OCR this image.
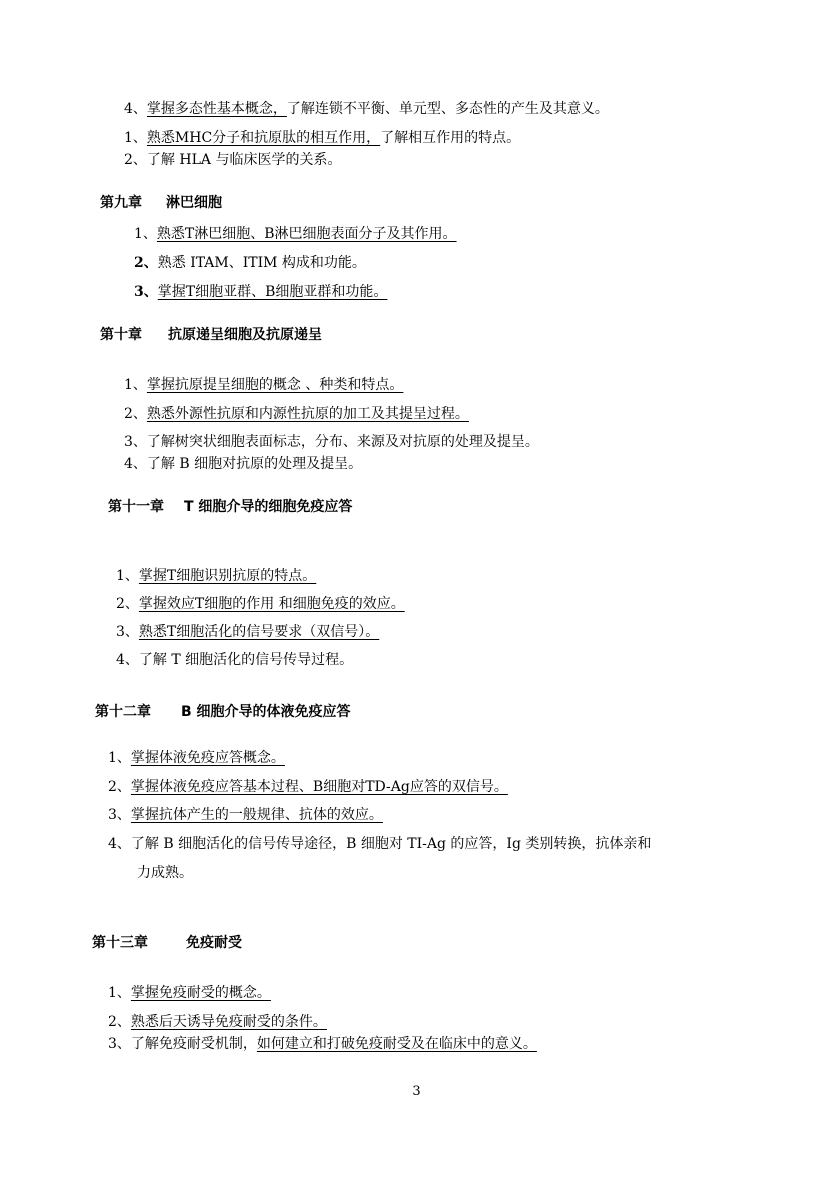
4、掌握多态性基本概念，了解连锁不平衡、单元型、多态性的产生及其意义。
1、熟悉MHC分子和抗原肽的相互作用，了解相互作用的特点。
2、了解 HLA 与临床医学的关系。
第九章 淋巴细胞
1、熟悉T淋巴细胞、B淋巴细胞表面分子及其作用。
2、熟悉 ITAM、ITIM 构成和功能。
3、掌握T细胞亚群、B细胞亚群和功能。
第十章 抗原递呈细胞及抗原递呈
1、掌握抗原提呈细胞的概念 、种类和特点。
2、熟悉外源性抗原和内源性抗原的加工及其提呈过程。
3、了解树突状细胞表面标志，分布、来源及对抗原的处理及提呈。
4、了解 B 细胞对抗原的处理及提呈。
第十一章 T 细胞介导的细胞免疫应答
1、掌握T细胞识别抗原的特点。
2、掌握效应T细胞的作用 和细胞免疫的效应。
3、熟悉T细胞活化的信号要求（双信号）。
4、了解 T 细胞活化的信号传导过程。
第十二章 B 细胞介导的体液免疫应答
1、掌握体液免疫应答概念。
2、掌握体液免疫应答基本过程、B细胞对TD-Ag应答的双信号。
3、掌握抗体产生的一般规律、抗体的效应。
4、了解 B 细胞活化的信号传导途径，B 细胞对 TI-Ag 的应答，Ig 类别转换，抗体亲和
力成熟。
第十三章	免疫耐受
1、掌握免疫耐受的概念。
2、熟悉后天诱导免疫耐受的条件。
3、了解免疫耐受机制，如何建立和打破免疫耐受及在临床中的意义。
3
